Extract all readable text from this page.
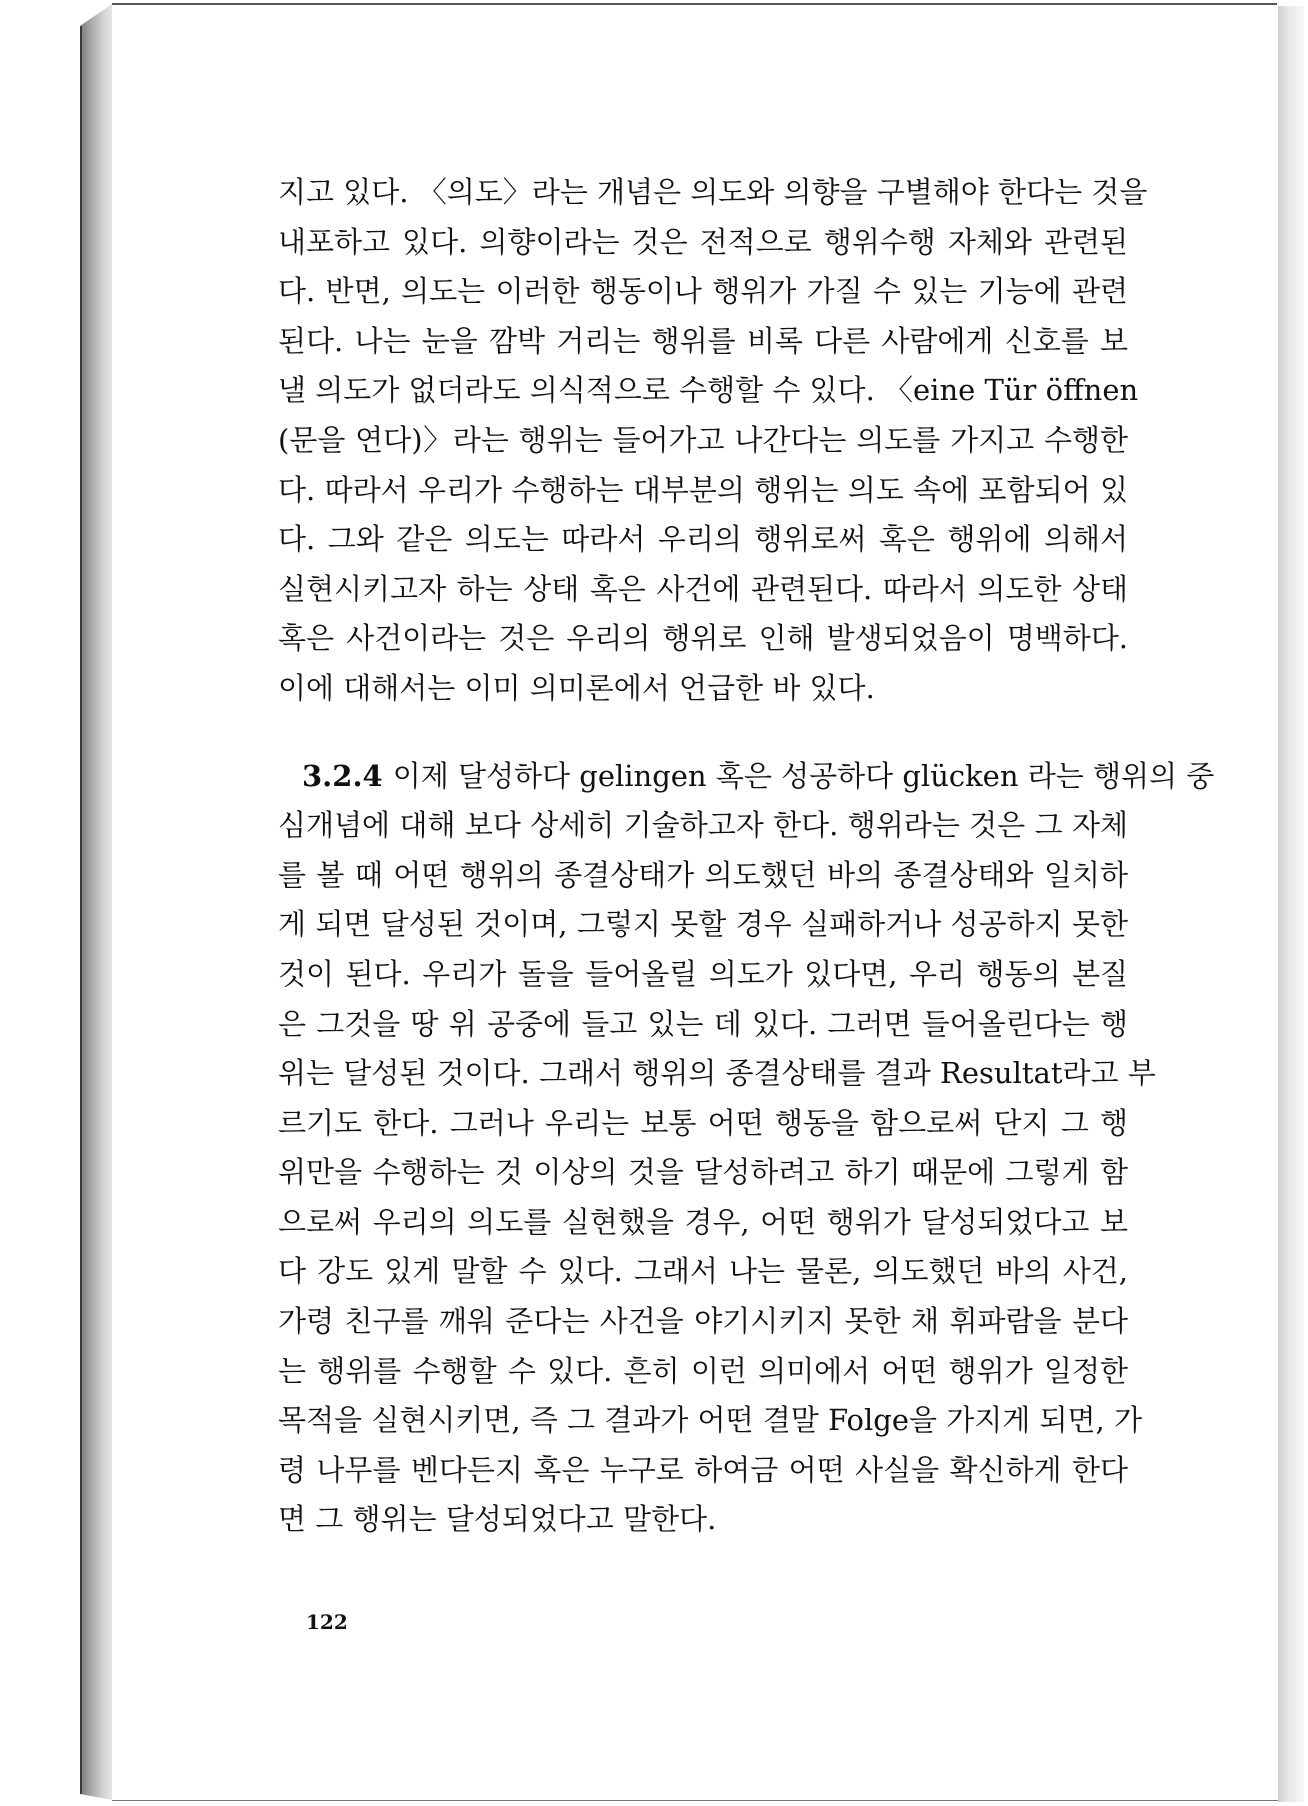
지고 있다. 〈의도〉라는 개념은 의도와 의향을 구별해야 한다는 것을
내포하고 있다. 의향이라는 것은 전적으로 행위수행 자체와 관련된
다. 반면, 의도는 이러한 행동이나 행위가 가질 수 있는 기능에 관련
된다. 나는 눈을 깜박 거리는 행위를 비록 다른 사람에게 신호를 보
낼 의도가 없더라도 의식적으로 수행할 수 있다. 〈eine Tür öffnen
(문을 연다)〉라는 행위는 들어가고 나간다는 의도를 가지고 수행한
다. 따라서 우리가 수행하는 대부분의 행위는 의도 속에 포함되어 있
다. 그와 같은 의도는 따라서 우리의 행위로써 혹은 행위에 의해서
실현시키고자 하는 상태 혹은 사건에 관련된다. 따라서 의도한 상태
혹은 사건이라는 것은 우리의 행위로 인해 발생되었음이 명백하다.
이에 대해서는 이미 의미론에서 언급한 바 있다.
3.2.4 이제 달성하다 gelingen 혹은 성공하다 glücken 라는 행위의 중
심개념에 대해 보다 상세히 기술하고자 한다. 행위라는 것은 그 자체
를 볼 때 어떤 행위의 종결상태가 의도했던 바의 종결상태와 일치하
게 되면 달성된 것이며, 그렇지 못할 경우 실패하거나 성공하지 못한
것이 된다. 우리가 돌을 들어올릴 의도가 있다면, 우리 행동의 본질
은 그것을 땅 위 공중에 들고 있는 데 있다. 그러면 들어올린다는 행
위는 달성된 것이다. 그래서 행위의 종결상태를 결과 Resultat라고 부
르기도 한다. 그러나 우리는 보통 어떤 행동을 함으로써 단지 그 행
위만을 수행하는 것 이상의 것을 달성하려고 하기 때문에 그렇게 함
으로써 우리의 의도를 실현했을 경우, 어떤 행위가 달성되었다고 보
다 강도 있게 말할 수 있다. 그래서 나는 물론, 의도했던 바의 사건,
가령 친구를 깨워 준다는 사건을 야기시키지 못한 채 휘파람을 분다
는 행위를 수행할 수 있다. 흔히 이런 의미에서 어떤 행위가 일정한
목적을 실현시키면, 즉 그 결과가 어떤 결말 Folge을 가지게 되면, 가
령 나무를 벤다든지 혹은 누구로 하여금 어떤 사실을 확신하게 한다
면 그 행위는 달성되었다고 말한다.
122
